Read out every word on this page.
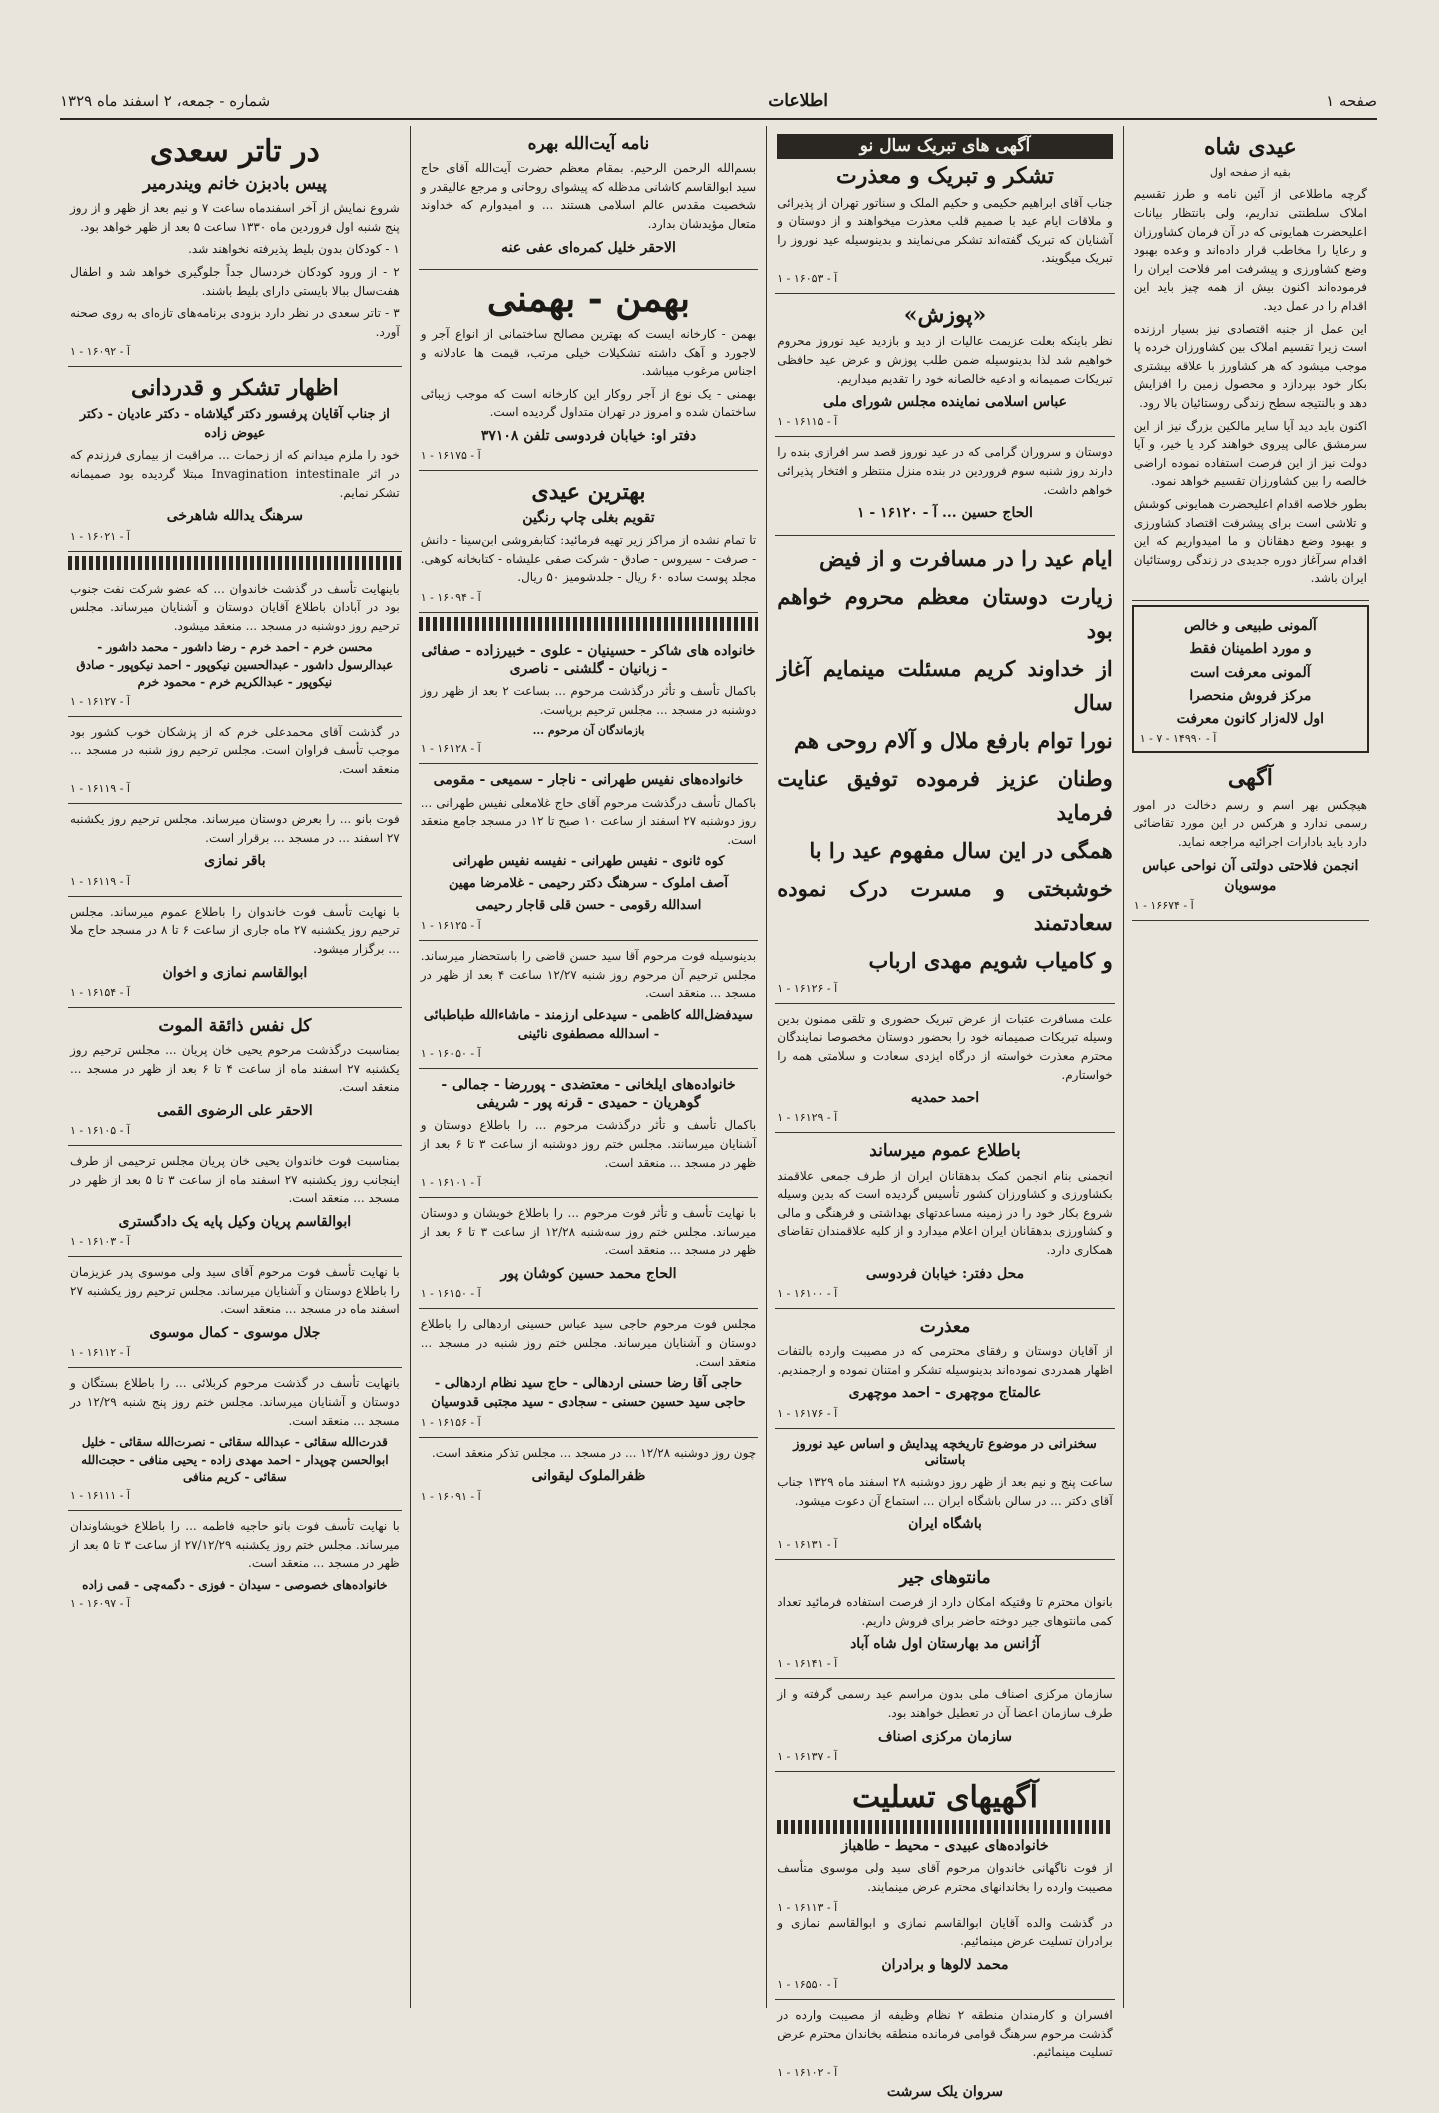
صفحه ۱
اطلاعات
شماره - جمعه، ۲ اسفند ماه ۱۳۲۹
عیدی شاه

بقیه از صفحه اول

گرچه ماطلاعی از آئین نامه و طرز تقسیم املاک سلطنتی نداریم، ولی بانتظار بیانات اعلیحضرت همایونی که در آن فرمان کشاورزان و رعایا را مخاطب قرار داده‌اند و وعده بهبود وضع کشاورزی و پیشرفت امر فلاحت ایران را فرموده‌اند اکنون بیش از همه چیز باید این اقدام را در عمل دید.

این عمل از جنبه اقتصادی نیز بسیار ارزنده است زیرا تقسیم املاک بین کشاورزان خرده پا موجب میشود که هر کشاورز با علاقه بیشتری بکار خود بپردازد و محصول زمین را افزایش دهد و بالنتیجه سطح زندگی روستائیان بالا رود.

اکنون باید دید آیا سایر مالکین بزرگ نیز از این سرمشق عالی پیروی خواهند کرد یا خیر، و آیا دولت نیز از این فرصت استفاده نموده اراضی خالصه را بین کشاورزان تقسیم خواهد نمود.

بطور خلاصه اقدام اعلیحضرت همایونی کوشش و تلاشی است برای پیشرفت اقتصاد کشاورزی و بهبود وضع دهقانان و ما امیدواریم که این اقدام سرآغاز دوره جدیدی در زندگی روستائیان ایران باشد.

آلمونی طبیعی و خالص
و مورد اطمینان فقط
آلمونی معرفت است
مرکز فروش منحصرا
اول لاله‌زار کانون معرفت
آ - ۱۴۹۹۰ - ۷ - ۱
آگهی

هیچکس بهر اسم و رسم دخالت در امور رسمی ندارد و هرکس در این مورد تقاضائی دارد باید بادارات اجرائیه مراجعه نماید.

انجمن فلاحتی دولتی آن نواحی عباس موسویان
آ - ۱۶۶۷۴ - ۱
آگهی های تبریک سال نو
تشکر و تبریک و معذرت

جناب آقای ابراهیم حکیمی و حکیم الملک و سناتور تهران از پذیرائی و ملاقات ایام عید با صمیم قلب معذرت میخواهند و از دوستان و آشنایان که تبریک گفته‌اند تشکر می‌نمایند و بدینوسیله عید نوروز را تبریک میگویند.

آ - ۱۶۰۵۳ - ۱
«پوزش»

نظر باینکه بعلت عزیمت عالیات از دید و بازدید عید نوروز محروم خواهیم شد لذا بدینوسیله ضمن طلب پوزش و عرض عید حافظی تبریکات صمیمانه و ادعیه خالصانه خود را تقدیم میداریم.

عباس اسلامی نماینده مجلس شورای ملی
آ - ۱۶۱۱۵ - ۱

دوستان و سروران گرامی که در عید نوروز قصد سر افرازی بنده را دارند روز شنبه سوم فروردین در بنده منزل منتظر و افتخار پذیرائی خواهم داشت.

الحاج حسین ... آ - ۱۶۱۲۰ - ۱

ایام عید را در مسافرت و از فیض

زیارت دوستان معظم محروم خواهم بود

از خداوند کریم مسئلت مینمایم آغاز سال

نورا توام بارفع ملال و آلام روحی هم

وطنان عزیز فرموده توفیق عنایت فرماید

همگی در این سال مفهوم عید را با

خوشبختی و مسرت درک نموده سعادتمند

و کامیاب شویم مهدی ارباب

آ - ۱۶۱۲۶ - ۱

علت مسافرت عتبات از عرض تبریک حضوری و تلقی ممنون بدین وسیله تبریکات صمیمانه خود را بحضور دوستان مخصوصا نمایندگان محترم معذرت خواسته از درگاه ایزدی سعادت و سلامتی همه را خواستارم.

احمد حمدیه
آ - ۱۶۱۲۹ - ۱
باطلاع عموم میرساند

انجمنی بنام انجمن کمک بدهقانان ایران از طرف جمعی علاقمند بکشاورزی و کشاورزان کشور تأسیس گردیده است که بدین وسیله شروع بکار خود را در زمینه مساعدتهای بهداشتی و فرهنگی و مالی و کشاورزی بدهقانان ایران اعلام میدارد و از کلیه علاقمندان تقاضای همکاری دارد.

محل دفتر: خیابان فردوسی
آ - ۱۶۱۰۰ - ۱
معذرت

از آقایان دوستان و رفقای محترمی که در مصیبت وارده بالتفات اظهار همدردی نموده‌اند بدینوسیله تشکر و امتنان نموده و ارجمندیم.

عالمتاج موچهری - احمد موچهری
آ - ۱۶۱۷۶ - ۱
سخنرانی در موضوع تاریخچه پیدایش و اساس عید نوروز باستانی

ساعت پنج و نیم بعد از ظهر روز دوشنبه ۲۸ اسفند ماه ۱۳۲۹ جناب آقای دکتر ... در سالن باشگاه ایران ... استماع آن دعوت میشود.

باشگاه ایران
آ - ۱۶۱۳۱ - ۱
مانتوهای جیر

بانوان محترم تا وقتیکه امکان دارد از فرصت استفاده فرمائید تعداد کمی مانتوهای جیر دوخته حاضر برای فروش داریم.

آژانس مد بهارستان اول شاه آباد
آ - ۱۶۱۴۱ - ۱

سازمان مرکزی اصناف ملی بدون مراسم عید رسمی گرفته و از طرف سازمان اعضا آن در تعطیل خواهند بود.

سازمان مرکزی اصناف
آ - ۱۶۱۳۷ - ۱
آگهیهای تسلیت
خانواده‌های عبیدی - محیط - طاهباز

از فوت ناگهانی خاندوان مرحوم آقای سید ولی موسوی متأسف مصیبت وارده را بخاندانهای محترم عرض مینمایند.

آ - ۱۶۱۱۳ - ۱

در گذشت والده آقایان ابوالقاسم نمازی و ابوالقاسم نمازی و برادران تسلیت عرض مینمائیم.

محمد لالوها و برادران
آ - ۱۶۵۵۰ - ۱

افسران و کارمندان منطقه ۲ نظام وظیفه از مصیبت وارده در گذشت مرحوم سرهنگ قوامی فرمانده منطقه بخاندان محترم عرض تسلیت مینمائیم.

آ - ۱۶۱۰۲ - ۱
سروان یلک سرشت
نامه آیت‌الله بهره

بسم‌الله الرحمن الرحیم. بمقام معظم حضرت آیت‌الله آقای حاج سید ابوالقاسم کاشانی مدظله که پیشوای روحانی و مرجع عالیقدر و شخصیت مقدس عالم اسلامی هستند ... و امیدوارم که خداوند متعال مؤیدشان بدارد.

الاحقر خلیل کمره‌ای عفی عنه
بهمن - بهمنی

بهمن - کارخانه ایست که بهترین مصالح ساختمانی از انواع آجر و لاجورد و آهک داشته تشکیلات خیلی مرتب، قیمت ها عادلانه و اجناس مرغوب میباشد.

بهمنی - یک نوع از آجر روکار این کارخانه است که موجب زیبائی ساختمان شده و امروز در تهران متداول گردیده است.

دفتر او: خیابان فردوسی تلفن ۳۷۱۰۸
آ - ۱۶۱۷۵ - ۱
بهترین عیدی
تقویم بغلی چاپ رنگین

تا تمام نشده از مراکز زیر تهیه فرمائید: کتابفروشی ابن‌سینا - دانش - صرفت - سیروس - صادق - شرکت صفی علیشاه - کتابخانه کوهی. مجلد پوست ساده ۶۰ ریال - جلدشومیز ۵۰ ریال.

آ - ۱۶۰۹۴ - ۱
خانواده های شاکر - حسینیان - علوی - خبیرزاده - صفائی - زبانیان - گلشنی - ناصری

باکمال تأسف و تأثر درگذشت مرحوم ... بساعت ۲ بعد از ظهر روز دوشنبه در مسجد ... مجلس ترحیم برپاست.

بازماندگان آن مرحوم ...
آ - ۱۶۱۲۸ - ۱
خانواده‌های نفیس طهرانی - ناجار - سمیعی - مقومی

باکمال تأسف درگذشت مرحوم آقای حاج غلامعلی نفیس طهرانی ... روز دوشنبه ۲۷ اسفند از ساعت ۱۰ صبح تا ۱۲ در مسجد جامع منعقد است.

کوه ثانوی - نفیس طهرانی - نفیسه نفیس طهرانی
آصف املوک - سرهنگ دکتر رحیمی - غلامرضا مهین
اسدالله رقومی - حسن قلی قاجار رحیمی
آ - ۱۶۱۲۵ - ۱

بدینوسیله فوت مرحوم آقا سید حسن قاضی را باستحضار میرساند. مجلس ترحیم آن مرحوم روز شنبه ۱۲/۲۷ ساعت ۴ بعد از ظهر در مسجد ... منعقد است.

سیدفضل‌الله کاظمی - سیدعلی ارزمند - ماشاءالله طباطبائی - اسدالله مصطفوی نائینی
آ - ۱۶۰۵۰ - ۱
خانواده‌های ایلخانی - معتضدی - پوررضا - جمالی - گوهریان - حمیدی - قرنه پور - شریفی

باکمال تأسف و تأثر درگذشت مرحوم ... را باطلاع دوستان و آشنایان میرسانند. مجلس ختم روز دوشنبه از ساعت ۳ تا ۶ بعد از ظهر در مسجد ... منعقد است.

آ - ۱۶۱۰۱ - ۱

با نهایت تأسف و تأثر فوت مرحوم ... را باطلاع خویشان و دوستان میرساند. مجلس ختم روز سه‌شنبه ۱۲/۲۸ از ساعت ۳ تا ۶ بعد از ظهر در مسجد ... منعقد است.

الحاج محمد حسین کوشان پور
آ - ۱۶۱۵۰ - ۱

مجلس فوت مرحوم حاجی سید عباس حسینی اردهالی را باطلاع دوستان و آشنایان میرساند. مجلس ختم روز شنبه در مسجد ... منعقد است.

حاجی آقا رضا حسنی اردهالی - حاج سید نظام اردهالی - حاجی سید حسین حسنی - سجادی - سید مجتبی قدوسیان
آ - ۱۶۱۵۶ - ۱

چون روز دوشنبه ۱۲/۲۸ ... در مسجد ... مجلس تذکر منعقد است.

ظفرالملوک لیقوانی
آ - ۱۶۰۹۱ - ۱
در تاتر سعدی
پیس بادبزن خانم ویندرمیر

شروع نمایش از آخر اسفندماه ساعت ۷ و نیم بعد از ظهر و از روز پنج شنبه اول فروردین ماه ۱۳۳۰ ساعت ۵ بعد از ظهر خواهد بود.

۱ - کودکان بدون بلیط پذیرفته نخواهند شد.

۲ - از ورود کودکان خردسال جداً جلوگیری خواهد شد و اطفال هفت‌سال ببالا بایستی دارای بلیط باشند.

۳ - تاتر سعدی در نظر دارد بزودی برنامه‌های تازه‌ای به روی صحنه آورد.

آ - ۱۶۰۹۲ - ۱
اظهار تشکر و قدردانی
از جناب آقایان پرفسور دکتر گیلاشاه - دکتر عادیان - دکتر عیوض زاده

خود را ملزم میدانم که از زحمات ... مراقبت از بیماری فرزندم که در اثر Invagination intestinale مبتلا گردیده بود صمیمانه تشکر نمایم.

سرهنگ یدالله شاهرخی
آ - ۱۶۰۲۱ - ۱

باینهایت تأسف در گذشت خاندوان ... که عضو شرکت نفت جنوب بود در آبادان باطلاع آقایان دوستان و آشنایان میرساند. مجلس ترحیم روز دوشنبه در مسجد ... منعقد میشود.

محسن خرم - احمد خرم - رضا داشور - محمد داشور - عبدالرسول داشور - عبدالحسین نیکوپور - احمد نیکوپور - صادق نیکوپور - عبدالکریم خرم - محمود خرم
آ - ۱۶۱۲۷ - ۱

در گذشت آقای محمدعلی خرم که از پزشکان خوب کشور بود موجب تأسف فراوان است. مجلس ترحیم روز شنبه در مسجد ... منعقد است.

آ - ۱۶۱۱۹ - ۱

فوت بانو ... را بعرض دوستان میرساند. مجلس ترحیم روز یکشنبه ۲۷ اسفند ... در مسجد ... برقرار است.

باقر نمازی
آ - ۱۶۱۱۹ - ۱

با نهایت تأسف فوت خاندوان را باطلاع عموم میرساند. مجلس ترحیم روز یکشنبه ۲۷ ماه جاری از ساعت ۶ تا ۸ در مسجد حاج ملا ... برگزار میشود.

ابوالقاسم نمازی و اخوان
آ - ۱۶۱۵۴ - ۱
کل نفس ذائقة الموت

بمناسبت درگذشت مرحوم یحیی خان پریان ... مجلس ترحیم روز یکشنبه ۲۷ اسفند ماه از ساعت ۴ تا ۶ بعد از ظهر در مسجد ... منعقد است.

الاحقر علی الرضوی القمی
آ - ۱۶۱۰۵ - ۱

بمناسبت فوت خاندوان یحیی خان پریان مجلس ترحیمی از طرف اینجانب روز یکشنبه ۲۷ اسفند ماه از ساعت ۳ تا ۵ بعد از ظهر در مسجد ... منعقد است.

ابوالقاسم پریان وکیل پایه یک دادگستری
آ - ۱۶۱۰۳ - ۱

با نهایت تأسف فوت مرحوم آقای سید ولی موسوی پدر عزیزمان را باطلاع دوستان و آشنایان میرساند. مجلس ترحیم روز یکشنبه ۲۷ اسفند ماه در مسجد ... منعقد است.

جلال موسوی - کمال موسوی
آ - ۱۶۱۱۲ - ۱

بانهایت تأسف در گذشت مرحوم کربلائی ... را باطلاع بستگان و دوستان و آشنایان میرساند. مجلس ختم روز پنج شنبه ۱۲/۲۹ در مسجد ... منعقد است.

قدرت‌الله سقائی - عبدالله سقائی - نصرت‌الله سقائی - خلیل ابوالحسن چوپدار - احمد مهدی زاده - یحیی منافی - حجت‌الله سقائی - کریم منافی
آ - ۱۶۱۱۱ - ۱

با نهایت تأسف فوت بانو حاجیه فاطمه ... را باطلاع خویشاوندان میرساند. مجلس ختم روز یکشنبه ۲۷/۱۲/۲۹ از ساعت ۳ تا ۵ بعد از ظهر در مسجد ... منعقد است.

خانواده‌های خصوصی - سیدان - فوزی - دگمه‌چی - قمی زاده
آ - ۱۶۰۹۷ - ۱
